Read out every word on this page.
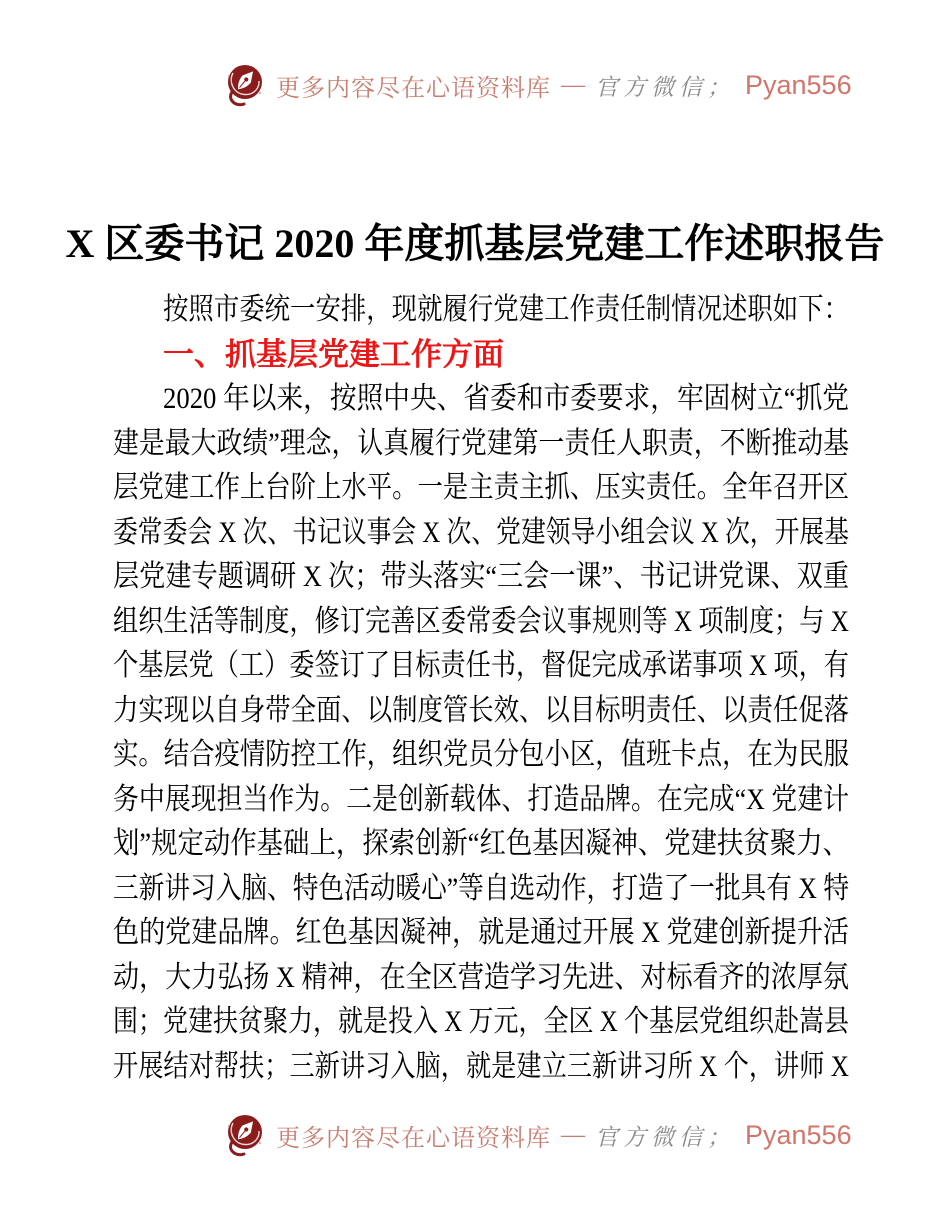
更多内容尽在心语资料库 — 官方微信； Pyan556
X 区委书记 2020 年度抓基层党建工作述职报告
按照市委统一安排，现就履行党建工作责任制情况述职如下：
一、抓基层党建工作方面
2020 年以来，按照中央、省委和市委要求，牢固树立“抓党
建是最大政绩”理念，认真履行党建第一责任人职责，不断推动基
层党建工作上台阶上水平。一是主责主抓、压实责任。全年召开区
委常委会 X 次、书记议事会 X 次、党建领导小组会议 X 次，开展基
层党建专题调研 X 次；带头落实“三会一课”、书记讲党课、双重
组织生活等制度，修订完善区委常委会议事规则等 X 项制度；与 X
个基层党（工）委签订了目标责任书，督促完成承诺事项 X 项，有
力实现以自身带全面、以制度管长效、以目标明责任、以责任促落
实。结合疫情防控工作，组织党员分包小区，值班卡点，在为民服
务中展现担当作为。二是创新载体、打造品牌。在完成“X 党建计
划”规定动作基础上，探索创新“红色基因凝神、党建扶贫聚力、
三新讲习入脑、特色活动暖心”等自选动作，打造了一批具有 X 特
色的党建品牌。红色基因凝神，就是通过开展 X 党建创新提升活
动，大力弘扬 X 精神，在全区营造学习先进、对标看齐的浓厚氛
围；党建扶贫聚力，就是投入 X 万元，全区 X 个基层党组织赴嵩县
开展结对帮扶；三新讲习入脑，就是建立三新讲习所 X 个，讲师 X
更多内容尽在心语资料库 — 官方微信； Pyan556
